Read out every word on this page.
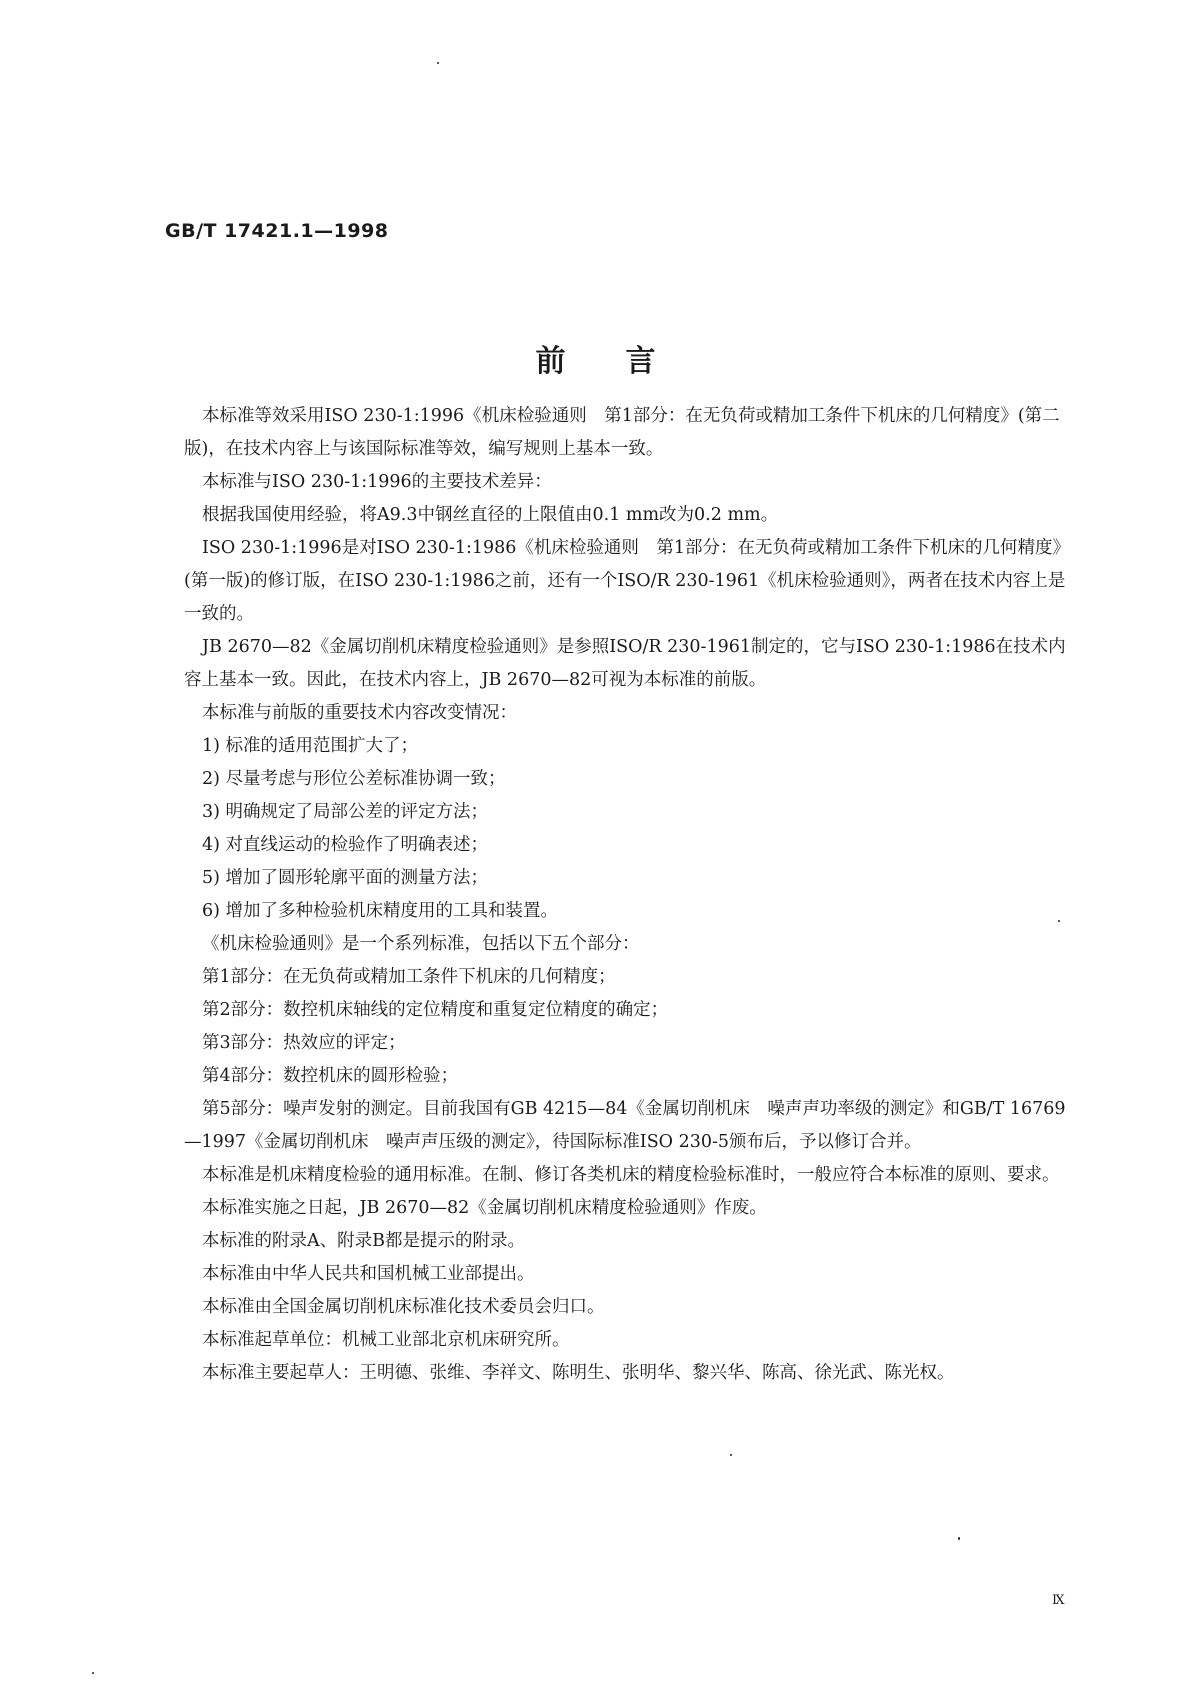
GB/T 17421.1—1998
前　　言

本标准等效采用ISO 230-1:1996《机床检验通则　第1部分：在无负荷或精加工条件下机床的几何精度》(第二版)，在技术内容上与该国际标准等效，编写规则上基本一致。

本标准与ISO 230-1:1996的主要技术差异：

根据我国使用经验，将A9.3中钢丝直径的上限值由0.1 mm改为0.2 mm。

ISO 230-1:1996是对ISO 230-1:1986《机床检验通则　第1部分：在无负荷或精加工条件下机床的几何精度》(第一版)的修订版，在ISO 230-1:1986之前，还有一个ISO/R 230-1961《机床检验通则》，两者在技术内容上是一致的。

JB 2670—82《金属切削机床精度检验通则》是参照ISO/R 230-1961制定的，它与ISO 230-1:1986在技术内容上基本一致。因此，在技术内容上，JB 2670—82可视为本标准的前版。

本标准与前版的重要技术内容改变情况：

1) 标准的适用范围扩大了；

2) 尽量考虑与形位公差标准协调一致；

3) 明确规定了局部公差的评定方法；

4) 对直线运动的检验作了明确表述；

5) 增加了圆形轮廓平面的测量方法；

6) 增加了多种检验机床精度用的工具和装置。

《机床检验通则》是一个系列标准，包括以下五个部分：

第1部分：在无负荷或精加工条件下机床的几何精度；

第2部分：数控机床轴线的定位精度和重复定位精度的确定；

第3部分：热效应的评定；

第4部分：数控机床的圆形检验；

第5部分：噪声发射的测定。目前我国有GB 4215—84《金属切削机床　噪声声功率级的测定》和GB/T 16769—1997《金属切削机床　噪声声压级的测定》，待国际标准ISO 230-5颁布后，予以修订合并。

本标准是机床精度检验的通用标准。在制、修订各类机床的精度检验标准时，一般应符合本标准的原则、要求。

本标准实施之日起，JB 2670—82《金属切削机床精度检验通则》作废。

本标准的附录A、附录B都是提示的附录。

本标准由中华人民共和国机械工业部提出。

本标准由全国金属切削机床标准化技术委员会归口。

本标准起草单位：机械工业部北京机床研究所。

本标准主要起草人：王明德、张维、李祥文、陈明生、张明华、黎兴华、陈高、徐光武、陈光权。

Ⅸ
